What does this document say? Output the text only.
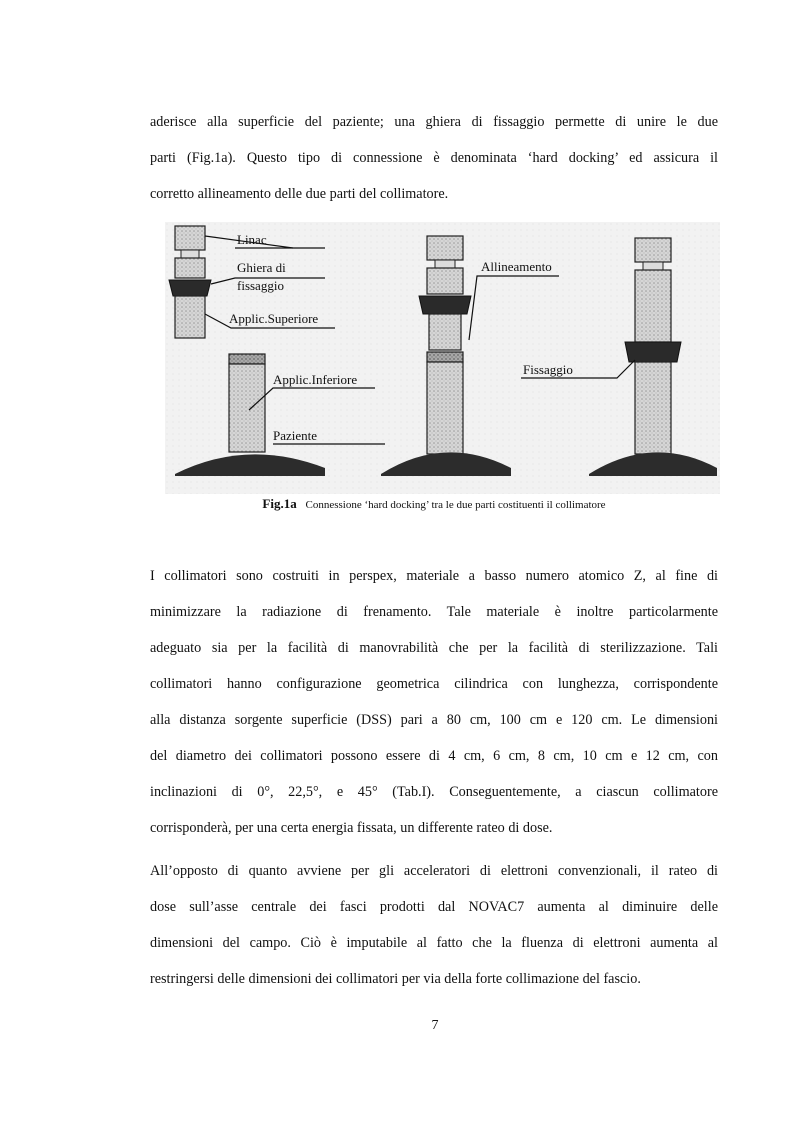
aderisce alla superficie del paziente; una ghiera di fissaggio permette di unire le due
parti (Fig.1a). Questo tipo di connessione è denominata ‘hard docking’ ed assicura il
corretto allineamento delle due parti del collimatore.
Linac
Ghiera di
fissaggio
Applic.Superiore
Applic.Inferiore
Paziente
Allineamento
Fissaggio
Fig.1a Connessione ‘hard docking’ tra le due parti costituenti il collimatore
I collimatori sono costruiti in perspex, materiale a basso numero atomico Z, al fine di
minimizzare la radiazione di frenamento. Tale materiale è inoltre particolarmente
adeguato sia per la facilità di manovrabilità che per la facilità di sterilizzazione. Tali
collimatori hanno configurazione geometrica cilindrica con lunghezza, corrispondente
alla distanza sorgente superficie (DSS) pari a 80 cm, 100 cm e 120 cm. Le dimensioni
del diametro dei collimatori possono essere di 4 cm, 6 cm, 8 cm, 10 cm e 12 cm, con
inclinazioni di 0°, 22,5°, e 45° (Tab.I). Conseguentemente, a ciascun collimatore
corrisponderà, per una certa energia fissata, un differente rateo di dose.
All’opposto di quanto avviene per gli acceleratori di elettroni convenzionali, il rateo di
dose sull’asse centrale dei fasci prodotti dal NOVAC7 aumenta al diminuire delle
dimensioni del campo. Ciò è imputabile al fatto che la fluenza di elettroni aumenta al
restringersi delle dimensioni dei collimatori per via della forte collimazione del fascio.
7
